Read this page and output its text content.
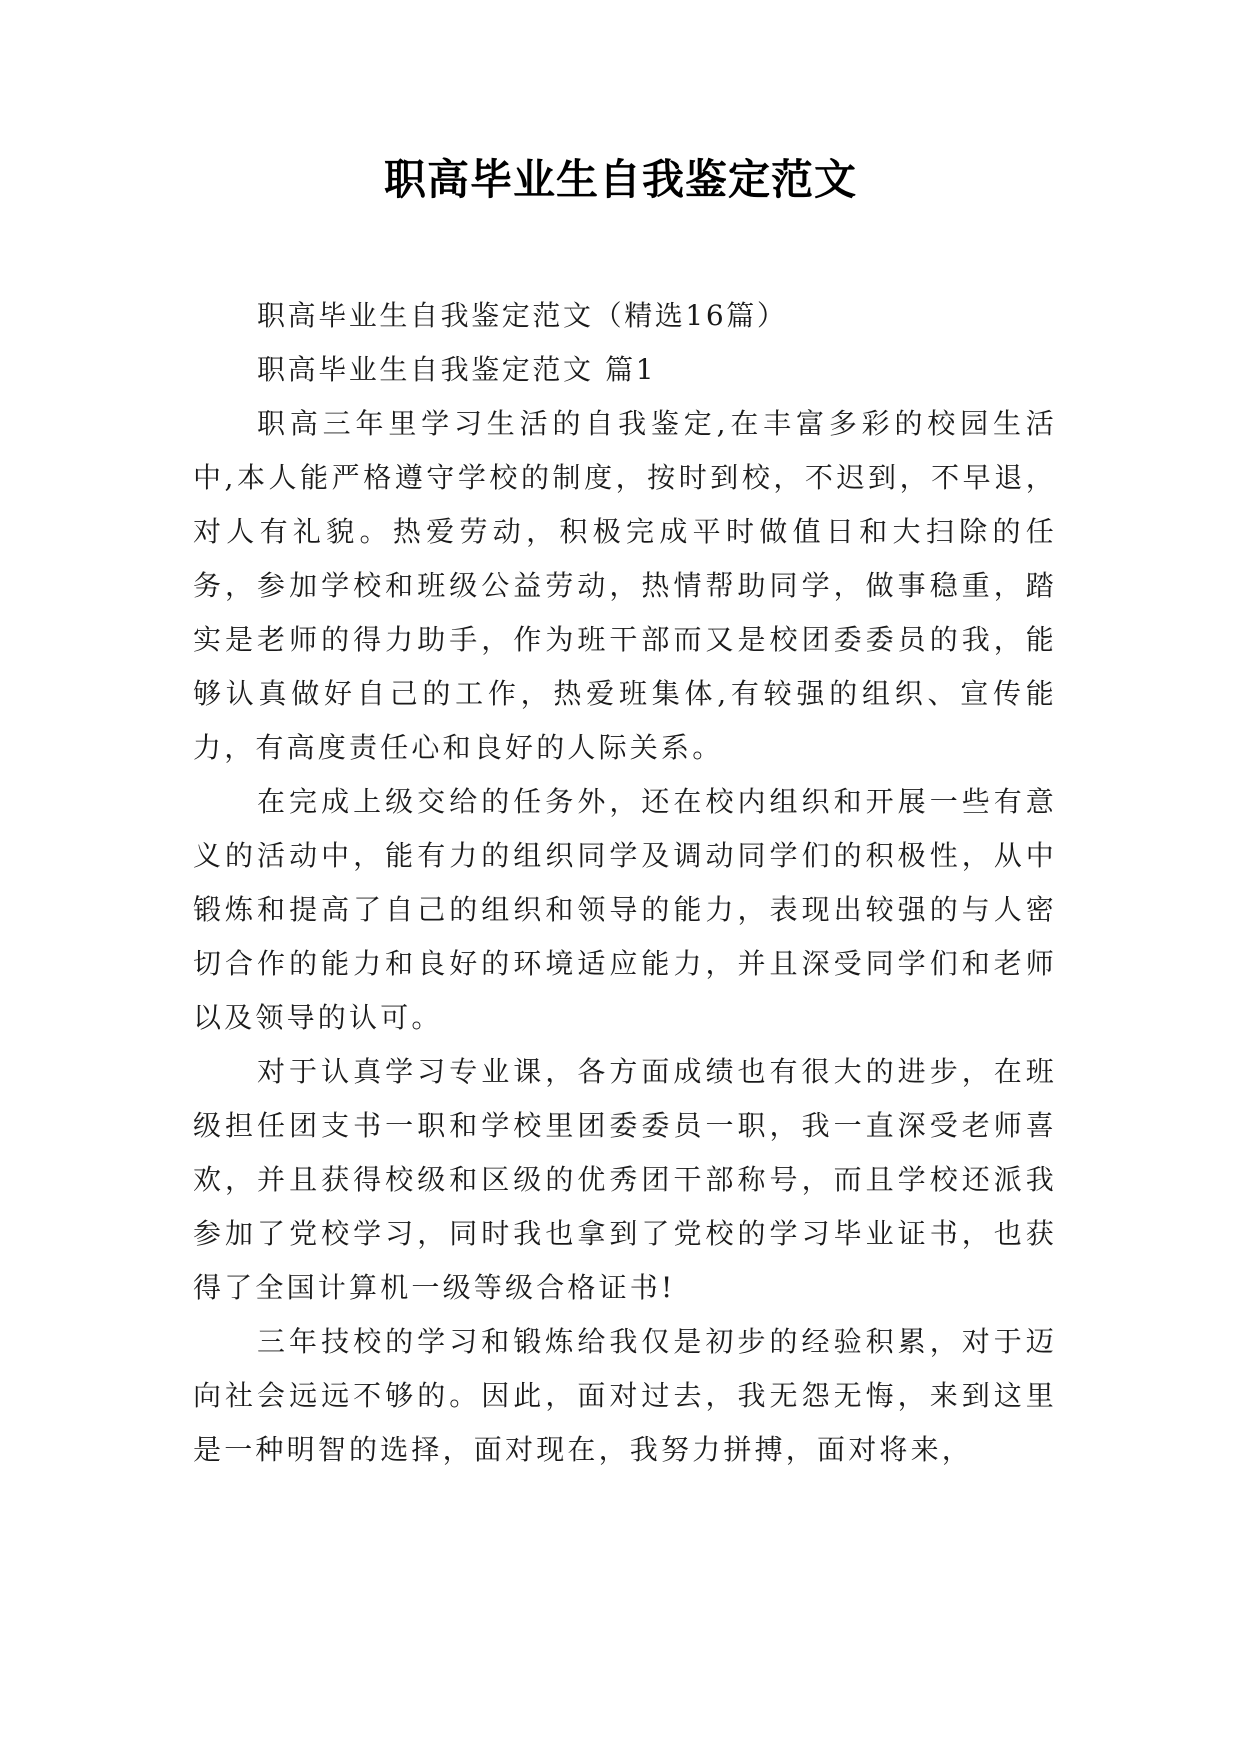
职高毕业生自我鉴定范文

职高毕业生自我鉴定范文（精选16篇）

职高毕业生自我鉴定范文 篇1

职高三年里学习生活的自我鉴定,在丰富多彩的校园生活中,本人能严格遵守学校的制度，按时到校，不迟到，不早退，对人有礼貌。热爱劳动，积极完成平时做值日和大扫除的任务，参加学校和班级公益劳动，热情帮助同学，做事稳重，踏实是老师的得力助手，作为班干部而又是校团委委员的我，能够认真做好自己的工作，热爱班集体,有较强的组织、宣传能力，有高度责任心和良好的人际关系。

在完成上级交给的任务外，还在校内组织和开展一些有意义的活动中，能有力的组织同学及调动同学们的积极性，从中锻炼和提高了自己的组织和领导的能力，表现出较强的与人密切合作的能力和良好的环境适应能力，并且深受同学们和老师以及领导的认可。

对于认真学习专业课，各方面成绩也有很大的进步，在班级担任团支书一职和学校里团委委员一职，我一直深受老师喜欢，并且获得校级和区级的优秀团干部称号，而且学校还派我参加了党校学习，同时我也拿到了党校的学习毕业证书，也获得了全国计算机一级等级合格证书!

三年技校的学习和锻炼给我仅是初步的经验积累，对于迈向社会远远不够的。因此，面对过去，我无怨无悔，来到这里是一种明智的选择，面对现在，我努力拼搏，面对将来，
